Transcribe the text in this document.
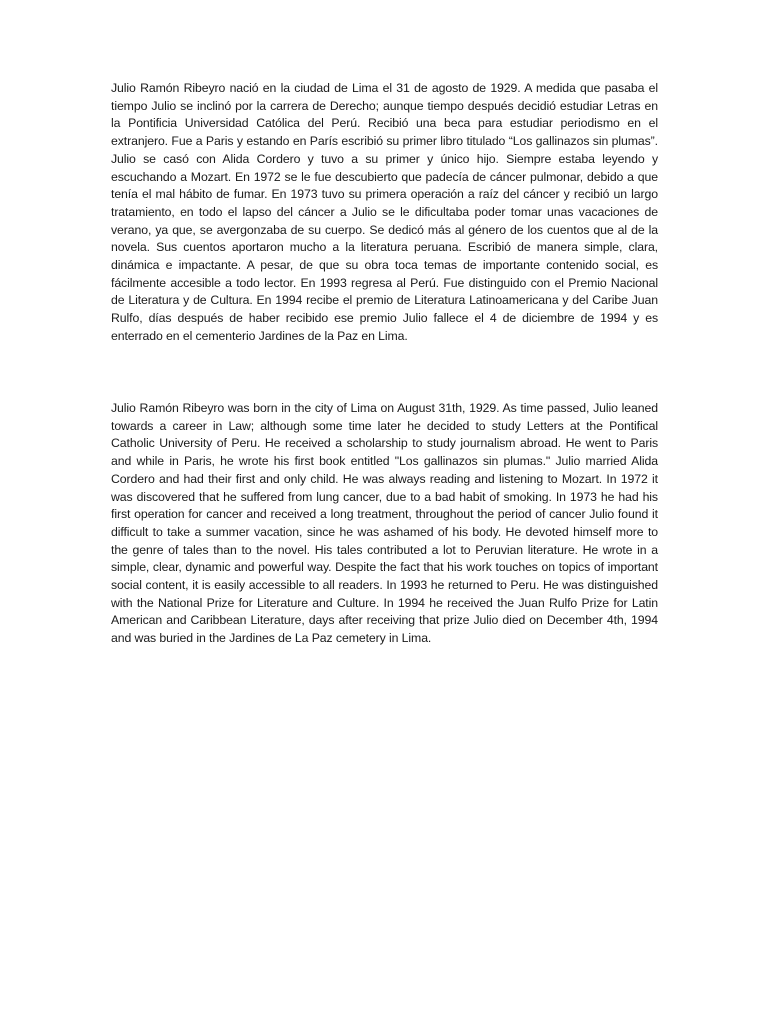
Julio Ramón Ribeyro nació en la ciudad de Lima el 31 de agosto de 1929. A medida que pasaba el tiempo Julio se inclinó por la carrera de Derecho; aunque tiempo después decidió estudiar Letras en la Pontificia Universidad Católica del Perú. Recibió una beca para estudiar periodismo en el extranjero. Fue a Paris y estando en París escribió su primer libro titulado “Los gallinazos sin plumas”. Julio se casó con Alida Cordero y tuvo a su primer y único hijo. Siempre estaba leyendo y escuchando a Mozart. En 1972 se le fue descubierto que padecía de cáncer pulmonar, debido a que tenía el mal hábito de fumar. En 1973 tuvo su primera operación a raíz del cáncer y recibió un largo tratamiento, en todo el lapso del cáncer a Julio se le dificultaba poder tomar unas vacaciones de verano, ya que, se avergonzaba de su cuerpo. Se dedicó más al género de los cuentos que al de la novela. Sus cuentos aportaron mucho a la literatura peruana. Escribió de manera simple, clara, dinámica e impactante. A pesar, de que su obra toca temas de importante contenido social, es fácilmente accesible a todo lector. En 1993 regresa al Perú. Fue distinguido con el Premio Nacional de Literatura y de Cultura. En 1994 recibe el premio de Literatura Latinoamericana y del Caribe Juan Rulfo, días después de haber recibido ese premio Julio fallece el 4 de diciembre de 1994 y es enterrado en el cementerio Jardines de la Paz en Lima.

Julio Ramón Ribeyro was born in the city of Lima on August 31th, 1929. As time passed, Julio leaned towards a career in Law; although some time later he decided to study Letters at the Pontifical Catholic University of Peru. He received a scholarship to study journalism abroad. He went to Paris and while in Paris, he wrote his first book entitled "Los gallinazos sin plumas." Julio married Alida Cordero and had their first and only child. He was always reading and listening to Mozart. In 1972 it was discovered that he suffered from lung cancer, due to a bad habit of smoking. In 1973 he had his first operation for cancer and received a long treatment, throughout the period of cancer Julio found it difficult to take a summer vacation, since he was ashamed of his body. He devoted himself more to the genre of tales than to the novel. His tales contributed a lot to Peruvian literature. He wrote in a simple, clear, dynamic and powerful way. Despite the fact that his work touches on topics of important social content, it is easily accessible to all readers. In 1993 he returned to Peru. He was distinguished with the National Prize for Literature and Culture. In 1994 he received the Juan Rulfo Prize for Latin American and Caribbean Literature, days after receiving that prize Julio died on December 4th, 1994 and was buried in the Jardines de La Paz cemetery in Lima.
